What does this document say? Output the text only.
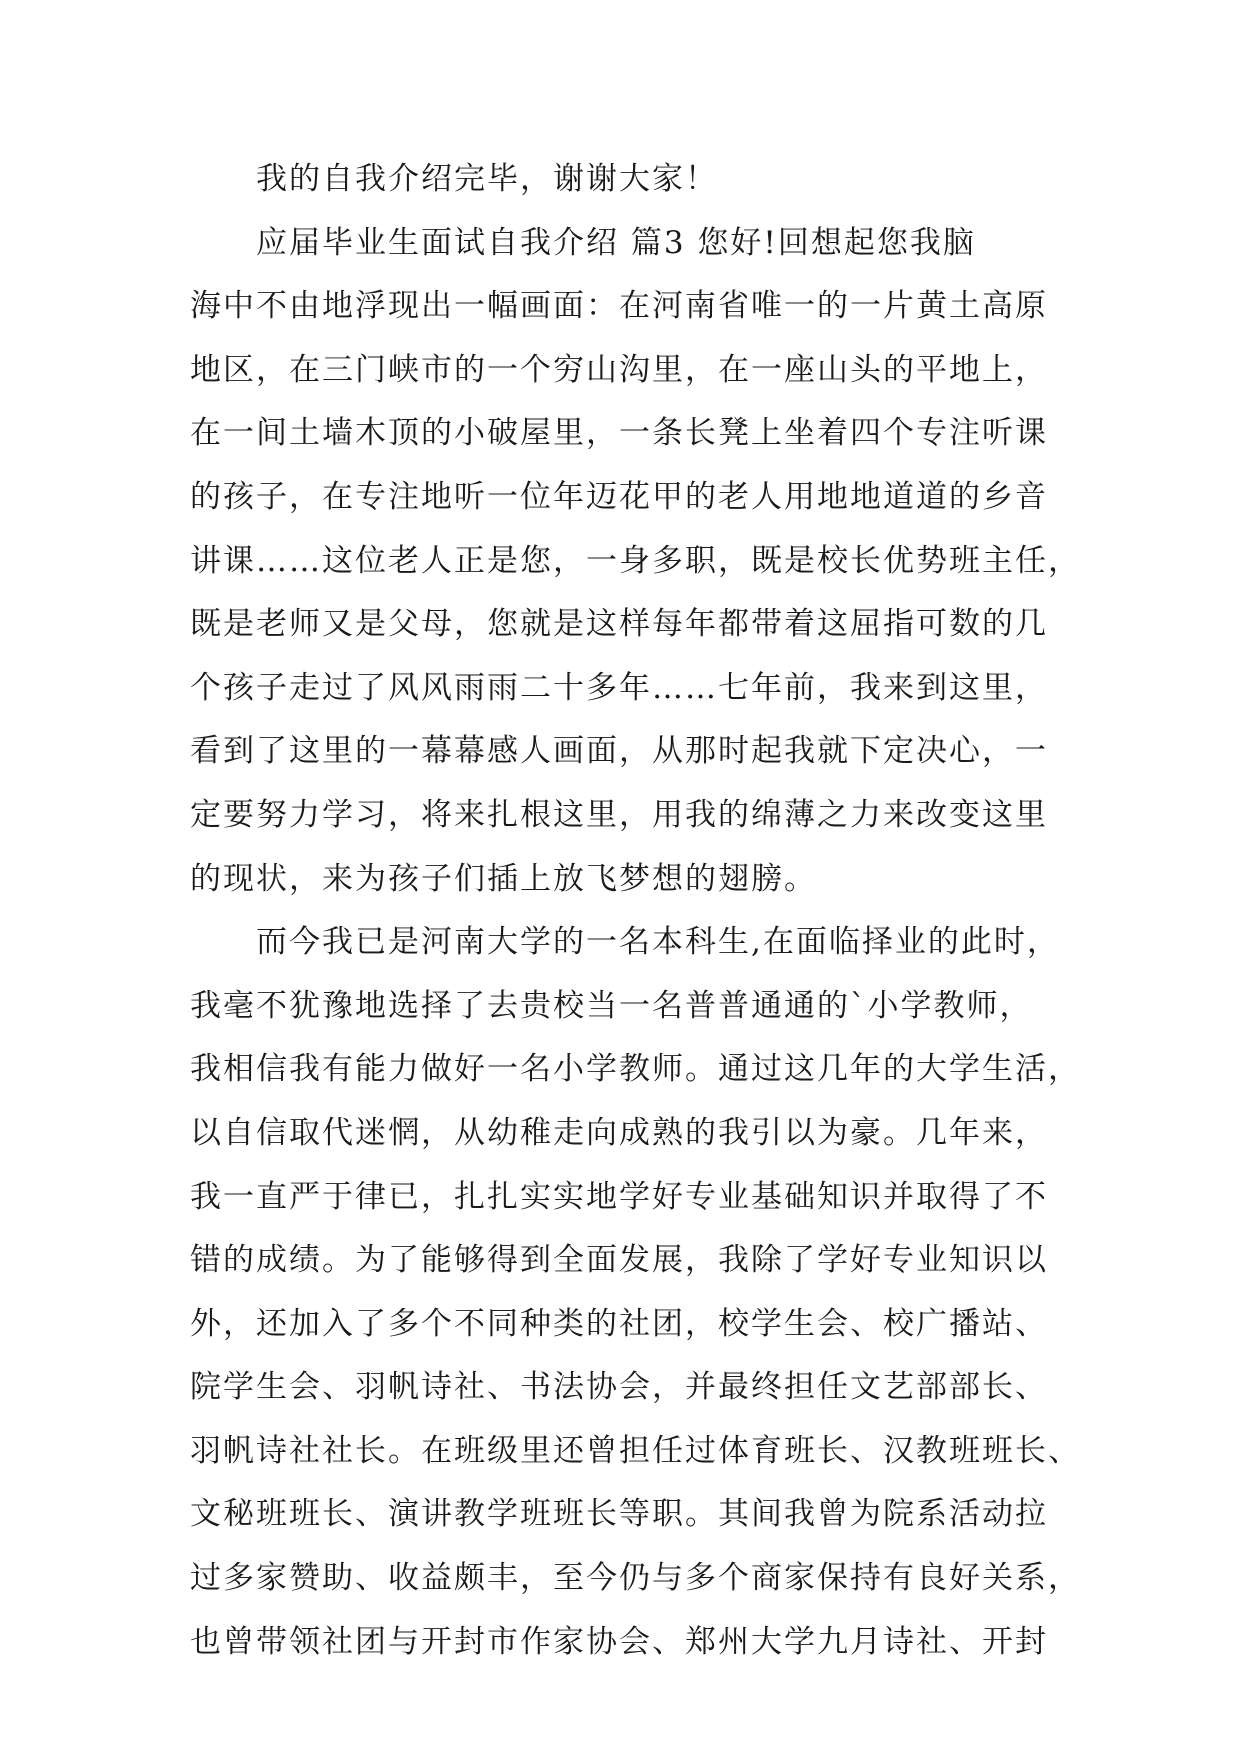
我的自我介绍完毕，谢谢大家！
应届毕业生面试自我介绍 篇3 您好!回想起您我脑
海中不由地浮现出一幅画面：在河南省唯一的一片黄土高原
地区，在三门峡市的一个穷山沟里，在一座山头的平地上，
在一间土墙木顶的小破屋里，一条长凳上坐着四个专注听课
的孩子，在专注地听一位年迈花甲的老人用地地道道的乡音
讲课……这位老人正是您，一身多职，既是校长优势班主任，
既是老师又是父母，您就是这样每年都带着这屈指可数的几
个孩子走过了风风雨雨二十多年……七年前，我来到这里，
看到了这里的一幕幕感人画面，从那时起我就下定决心，一
定要努力学习，将来扎根这里，用我的绵薄之力来改变这里
的现状，来为孩子们插上放飞梦想的翅膀。
而今我已是河南大学的一名本科生,在面临择业的此时，
我毫不犹豫地选择了去贵校当一名普普通通的`小学教师，
我相信我有能力做好一名小学教师。通过这几年的大学生活，
以自信取代迷惘，从幼稚走向成熟的我引以为豪。几年来，
我一直严于律已，扎扎实实地学好专业基础知识并取得了不
错的成绩。为了能够得到全面发展，我除了学好专业知识以
外，还加入了多个不同种类的社团，校学生会、校广播站、
院学生会、羽帆诗社、书法协会，并最终担任文艺部部长、
羽帆诗社社长。在班级里还曾担任过体育班长、汉教班班长、
文秘班班长、演讲教学班班长等职。其间我曾为院系活动拉
过多家赞助、收益颇丰，至今仍与多个商家保持有良好关系，
也曾带领社团与开封市作家协会、郑州大学九月诗社、开封
